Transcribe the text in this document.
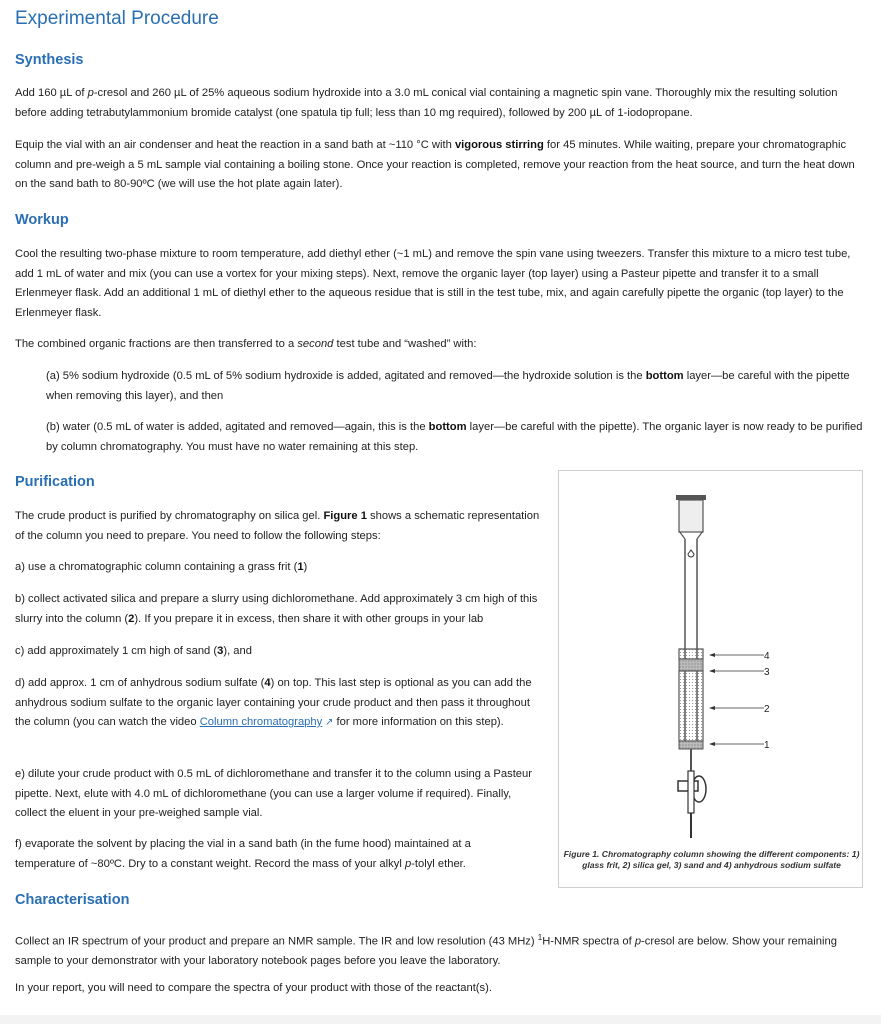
Experimental Procedure
Synthesis

Add 160 µL of p-cresol and 260 µL of 25% aqueous sodium hydroxide into a 3.0 mL conical vial containing a magnetic spin vane. Thoroughly mix the resulting solution before adding tetrabutylammonium bromide catalyst (one spatula tip full; less than 10 mg required), followed by 200 µL of 1-iodopropane.

Equip the vial with an air condenser and heat the reaction in a sand bath at ~110 °C with vigorous stirring for 45 minutes. While waiting, prepare your chromatographic column and pre-weigh a 5 mL sample vial containing a boiling stone. Once your reaction is completed, remove your reaction from the heat source, and turn the heat down on the sand bath to 80-90ºC (we will use the hot plate again later).

Workup

Cool the resulting two-phase mixture to room temperature, add diethyl ether (~1 mL) and remove the spin vane using tweezers. Transfer this mixture to a micro test tube, add 1 mL of water and mix (you can use a vortex for your mixing steps). Next, remove the organic layer (top layer) using a Pasteur pipette and transfer it to a small Erlenmeyer flask. Add an additional 1 mL of diethyl ether to the aqueous residue that is still in the test tube, mix, and again carefully pipette the organic (top layer) to the Erlenmeyer flask.

The combined organic fractions are then transferred to a second test tube and “washed” with:

(a) 5% sodium hydroxide (0.5 mL of 5% sodium hydroxide is added, agitated and removed—the hydroxide solution is the bottom layer—be careful with the pipette when removing this layer), and then

(b) water (0.5 mL of water is added, agitated and removed—again, this is the bottom layer—be careful with the pipette). The organic layer is now ready to be purified by column chromatography. You must have no water remaining at this step.

Purification

The crude product is purified by chromatography on silica gel. Figure 1 shows a schematic representation of the column you need to prepare. You need to follow the following steps:

a) use a chromatographic column containing a grass frit (1)

b) collect activated silica and prepare a slurry using dichloromethane. Add approximately 3 cm high of this slurry into the column (2). If you prepare it in excess, then share it with other groups in your lab

c) add approximately 1 cm high of sand (3), and

d) add approx. 1 cm of anhydrous sodium sulfate (4) on top. This last step is optional as you can add the anhydrous sodium sulfate to the organic layer containing your crude product and then pass it throughout the column (you can watch the video Column chromatography ↗ for more information on this step).

e) dilute your crude product with 0.5 mL of dichloromethane and transfer it to the column using a Pasteur pipette. Next, elute with 4.0 mL of dichloromethane (you can use a larger volume if required). Finally, collect the eluent in your pre-weighed sample vial.

f) evaporate the solvent by placing the vial in a sand bath (in the fume hood) maintained at a temperature of ~80ºC. Dry to a constant weight. Record the mass of your alkyl p-tolyl ether.

4
3
2
1
Figure 1. Chromatography column showing the different components: 1) glass frit, 2) silica gel, 3) sand and 4) anhydrous sodium sulfate
Characterisation

Collect an IR spectrum of your product and prepare an NMR sample. The IR and low resolution (43 MHz) $^1$H-NMR spectra of p-cresol are below. Show your remaining sample to your demonstrator with your laboratory notebook pages before you leave the laboratory.

In your report, you will need to compare the spectra of your product with those of the reactant(s).
